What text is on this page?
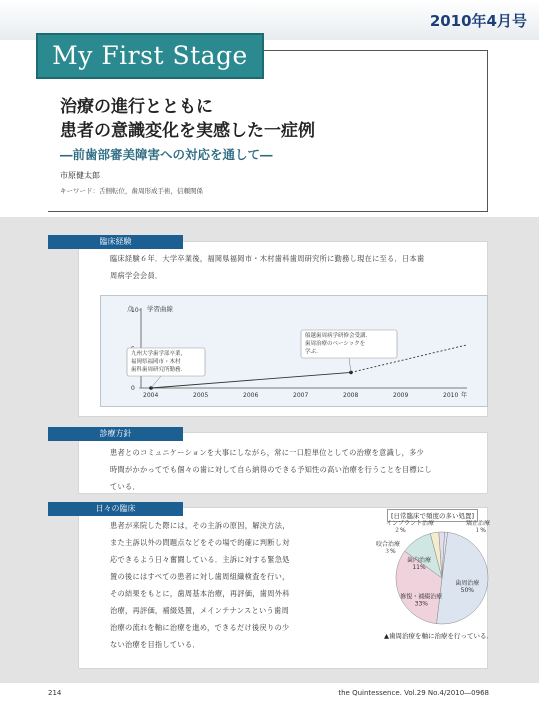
2010年4月号
My First Stage
治療の進行とともに
患者の意識変化を実感した一症例
―前歯部審美障害への対応を通して―
市原健太郎
キーワード：舌側転位，歯周形成手術，信頼関係
臨床経験
臨床経験６年．大学卒業後，福岡県福岡市・木村歯科歯周研究所に勤務し現在に至る．日本歯
周病学会会員．
点 学習曲線
2004	2005	2006	2007	2008	2009	2010 年
0
10
九州大学歯学部卒業，
福岡県福岡市・木村
歯科歯周研究所勤務．
船越歯周病学研修会受講．
歯周治療のベーシックを
学ぶ．
診療方針
患者とのコミュニケーションを大事にしながら，常に一口腔単位としての治療を意識し，多少
時間がかかってでも個々の歯に対して自ら納得のできる予知性の高い治療を行うことを目標にし
ている．
日々の臨床
患者が来院した際には，その主訴の原因，解決方法，
また主訴以外の問題点などをその場で的確に判断し対
応できるよう日々奮闘している．主訴に対する緊急処
置の後にはすべての患者に対し歯周組織検査を行い，
その結果をもとに，歯周基本治療，再評価，歯周外科
治療，再評価，補綴処置，メインテナンスという歯周
治療の流れを軸に治療を進め，できるだけ後戻りの少
ない治療を目指している．
[日常臨床で頻度の多い処置]
歯周治療
50%
修復・補綴治療
33%
歯内治療
11%
咬合治療
３%
インプラント治療
２%
矯正治療
１%
▲歯周治療を軸に治療を行っている．
214	the Quintessence. Vol.29 No.4/2010―0968
